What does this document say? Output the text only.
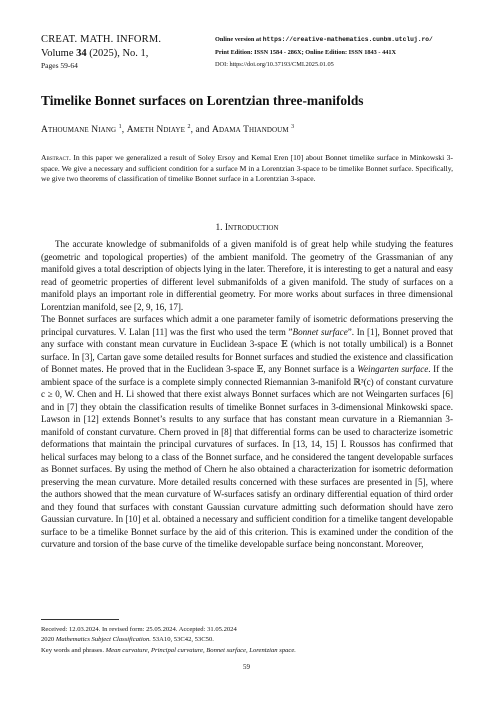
CREAT. MATH. INFORM.
Volume 34 (2025), No. 1,
Pages 59-64
Online version at https://creative-mathematics.cunbm.utcluj.ro/
Print Edition: ISSN 1584 - 286X; Online Edition: ISSN 1843 - 441X
DOI: https://doi.org/10.37193/CMI.2025.01.05
Timelike Bonnet surfaces on Lorentzian three-manifolds
Athoumane Niang $^1$, Ameth Ndiaye $^2$, and Adama Thiandoum $^3$
Abstract. In this paper we generalized a result of Soley Ersoy and Kemal Eren [10] about Bonnet timelike surface in Minkowski 3-space. We give a necessary and sufficient condition for a surface M in a Lorentzian 3-space to be timelike Bonnet surface. Specifically, we give two theorems of classification of timelike Bonnet surface in a Lorentzian 3-space.
1. Introduction

The accurate knowledge of submanifolds of a given manifold is of great help while studying the features (geometric and topological properties) of the ambient manifold. The geometry of the Grassmanian of any manifold gives a total description of objects lying in the later. Therefore, it is interesting to get a natural and easy read of geometric properties of different level submanifolds of a given manifold. The study of surfaces on a manifold plays an important role in differential geometry. For more works about surfaces in three dimensional Lorentzian manifold, see [2, 9, 16, 17].

The Bonnet surfaces are surfaces which admit a one parameter family of isometric deformations preserving the principal curvatures. V. Lalan [11] was the first who used the term ”Bonnet surface”. In [1], Bonnet proved that any surface with constant mean curvature in Euclidean 3-space 𝔼 (which is not totally umbilical) is a Bonnet surface. In [3], Cartan gave some detailed results for Bonnet surfaces and studied the existence and classification of Bonnet mates. He proved that in the Euclidean 3-space 𝔼, any Bonnet surface is a Weingarten surface. If the ambient space of the surface is a complete simply connected Riemannian 3-manifold ℝ³(c) of constant curvature c ≥ 0, W. Chen and H. Li showed that there exist always Bonnet surfaces which are not Weingarten surfaces [6] and in [7] they obtain the classification results of timelike Bonnet surfaces in 3-dimensional Minkowski space. Lawson in [12] extends Bonnet’s results to any surface that has constant mean curvature in a Riemannian 3-manifold of constant curvature. Chern proved in [8] that differential forms can be used to characterize isometric deformations that maintain the principal curvatures of surfaces. In [13, 14, 15] I. Roussos has confirmed that helical surfaces may belong to a class of the Bonnet surface, and he considered the tangent developable surfaces as Bonnet surfaces. By using the method of Chern he also obtained a characterization for isometric deformation preserving the mean curvature. More detailed results concerned with these surfaces are presented in [5], where the authors showed that the mean curvature of W-surfaces satisfy an ordinary differential equation of third order and they found that surfaces with constant Gaussian curvature admitting such deformation should have zero Gaussian curvature. In [10] et al. obtained a necessary and sufficient condition for a timelike tangent developable surface to be a timelike Bonnet surface by the aid of this criterion. This is examined under the condition of the curvature and torsion of the base curve of the timelike developable surface being nonconstant. Moreover,

Received: 12.03.2024. In revised form: 25.05.2024. Accepted: 31.05.2024
2020 Mathematics Subject Classification. 53A10, 53C42, 53C50.
Key words and phrases. Mean curvature, Principal curvature, Bonnet surface, Lorentzian space.
59
